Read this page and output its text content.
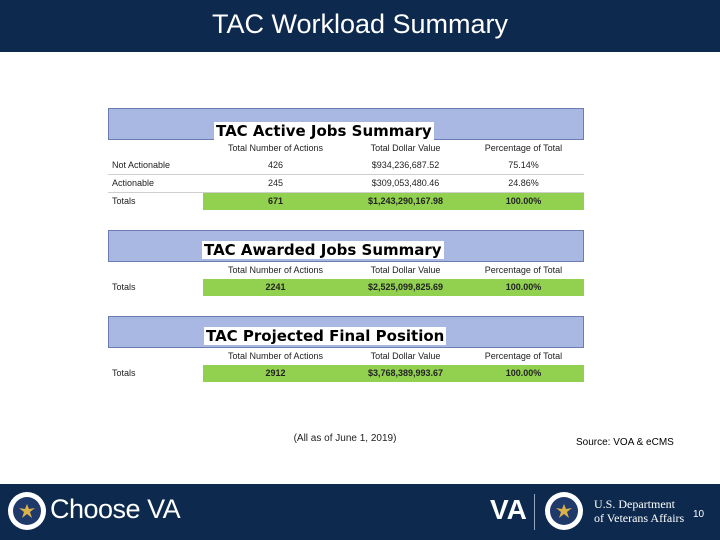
TAC Workload Summary
TAC Active Jobs Summary
Total Number of Actions	Total Dollar Value	Percentage of Total
Not Actionable	426	$934,236,687.52	75.14%
Actionable	245	$309,053,480.46	24.86%
Totals	671	$1,243,290,167.98	100.00%
TAC Awarded Jobs Summary
Total Number of Actions	Total Dollar Value	Percentage of Total
Totals	2241	$2,525,099,825.69	100.00%
TAC Projected Final Position
Total Number of Actions	Total Dollar Value	Percentage of Total
Totals	2912	$3,768,389,993.67	100.00%
(All as of June 1, 2019)	Source: VOA & eCMS
Choose VA	VA	U.S. Department
of Veterans Affairs 10
